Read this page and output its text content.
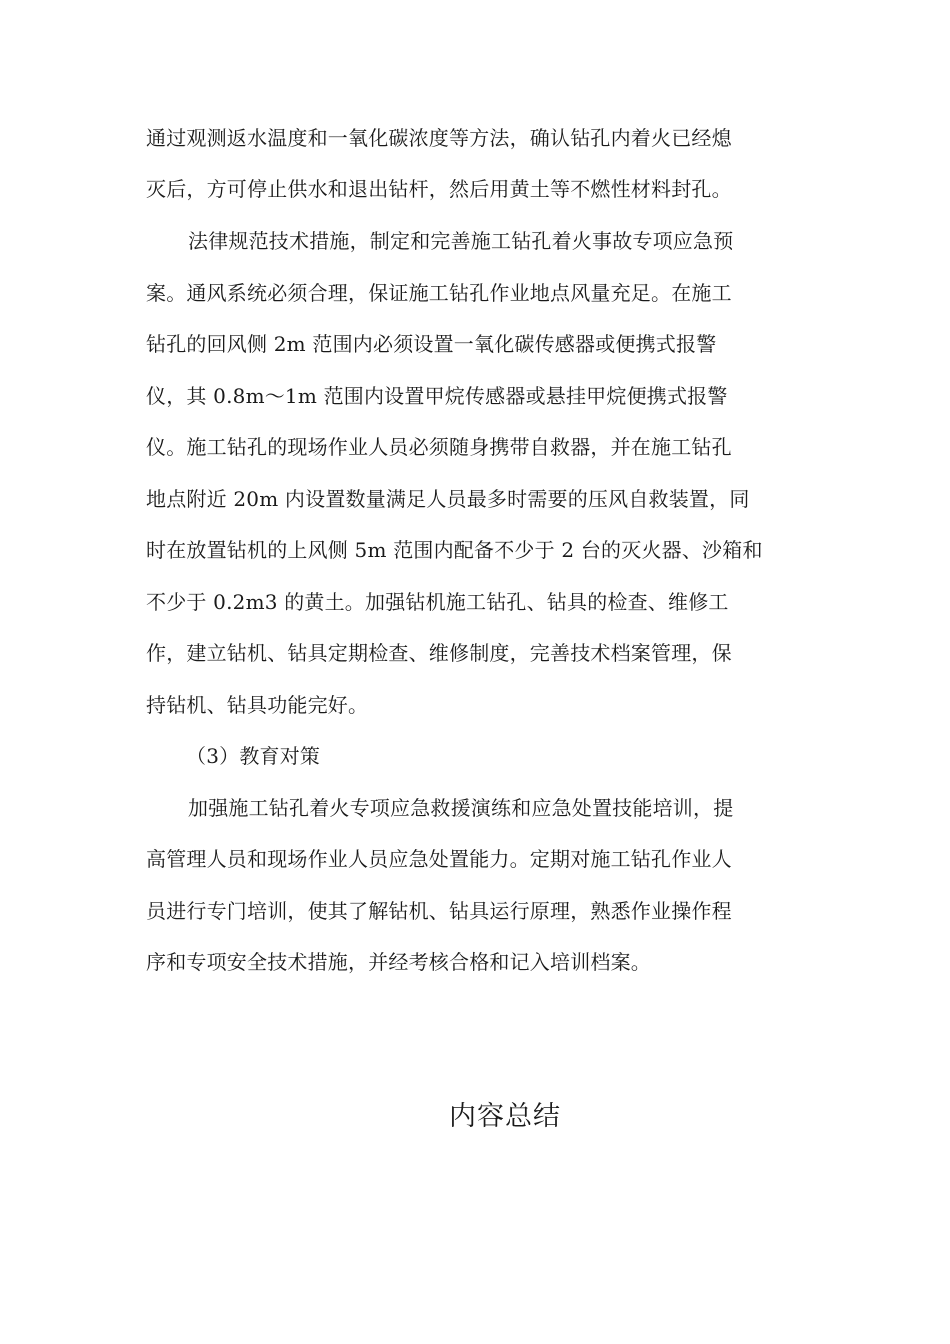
通过观测返水温度和一氧化碳浓度等方法，确认钻孔内着火已经熄
灭后，方可停止供水和退出钻杆，然后用黄土等不燃性材料封孔。
法律规范技术措施，制定和完善施工钻孔着火事故专项应急预
案。通风系统必须合理，保证施工钻孔作业地点风量充足。在施工
钻孔的回风侧 2m 范围内必须设置一氧化碳传感器或便携式报警
仪，其 0.8m～1m 范围内设置甲烷传感器或悬挂甲烷便携式报警
仪。施工钻孔的现场作业人员必须随身携带自救器，并在施工钻孔
地点附近 20m 内设置数量满足人员最多时需要的压风自救装置，同
时在放置钻机的上风侧 5m 范围内配备不少于 2 台的灭火器、沙箱和
不少于 0.2m3 的黄土。加强钻机施工钻孔、钻具的检查、维修工
作，建立钻机、钻具定期检查、维修制度，完善技术档案管理，保
持钻机、钻具功能完好。
（3）教育对策
加强施工钻孔着火专项应急救援演练和应急处置技能培训，提
高管理人员和现场作业人员应急处置能力。定期对施工钻孔作业人
员进行专门培训，使其了解钻机、钻具运行原理，熟悉作业操作程
序和专项安全技术措施，并经考核合格和记入培训档案。
内容总结
